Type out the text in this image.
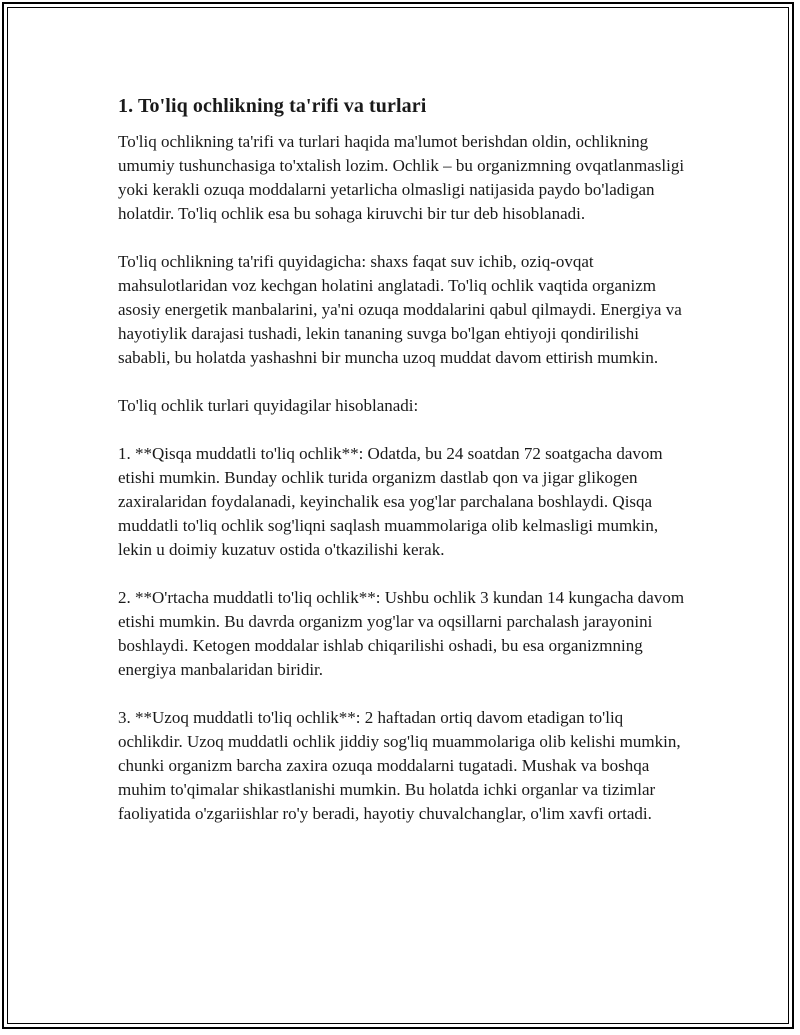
1. To'liq ochlikning ta'rifi va turlari

To'liq ochlikning ta'rifi va turlari haqida ma'lumot berishdan oldin, ochlikning umumiy tushunchasiga to'xtalish lozim. Ochlik – bu organizmning ovqatlanmasligi yoki kerakli ozuqa moddalarni yetarlicha olmasligi natijasida paydo bo'ladigan holatdir. To'liq ochlik esa bu sohaga kiruvchi bir tur deb hisoblanadi.

To'liq ochlikning ta'rifi quyidagicha: shaxs faqat suv ichib, oziq-ovqat mahsulotlaridan voz kechgan holatini anglatadi. To'liq ochlik vaqtida organizm asosiy energetik manbalarini, ya'ni ozuqa moddalarini qabul qilmaydi. Energiya va hayotiylik darajasi tushadi, lekin tananing suvga bo'lgan ehtiyoji qondirilishi sababli, bu holatda yashashni bir muncha uzoq muddat davom ettirish mumkin.

To'liq ochlik turlari quyidagilar hisoblanadi:

1. **Qisqa muddatli to'liq ochlik**: Odatda, bu 24 soatdan 72 soatgacha davom etishi mumkin. Bunday ochlik turida organizm dastlab qon va jigar glikogen zaxiralaridan foydalanadi, keyinchalik esa yog'lar parchalana boshlaydi. Qisqa muddatli to'liq ochlik sog'liqni saqlash muammolariga olib kelmasligi mumkin, lekin u doimiy kuzatuv ostida o'tkazilishi kerak.

2. **O'rtacha muddatli to'liq ochlik**: Ushbu ochlik 3 kundan 14 kungacha davom etishi mumkin. Bu davrda organizm yog'lar va oqsillarni parchalash jarayonini boshlaydi. Ketogen moddalar ishlab chiqarilishi oshadi, bu esa organizmning energiya manbalaridan biridir.

3. **Uzoq muddatli to'liq ochlik**: 2 haftadan ortiq davom etadigan to'liq ochlikdir. Uzoq muddatli ochlik jiddiy sog'liq muammolariga olib kelishi mumkin, chunki organizm barcha zaxira ozuqa moddalarni tugatadi. Mushak va boshqa muhim to'qimalar shikastlanishi mumkin. Bu holatda ichki organlar va tizimlar faoliyatida o'zgariishlar ro'y beradi, hayotiy chuvalchanglar, o'lim xavfi ortadi.
